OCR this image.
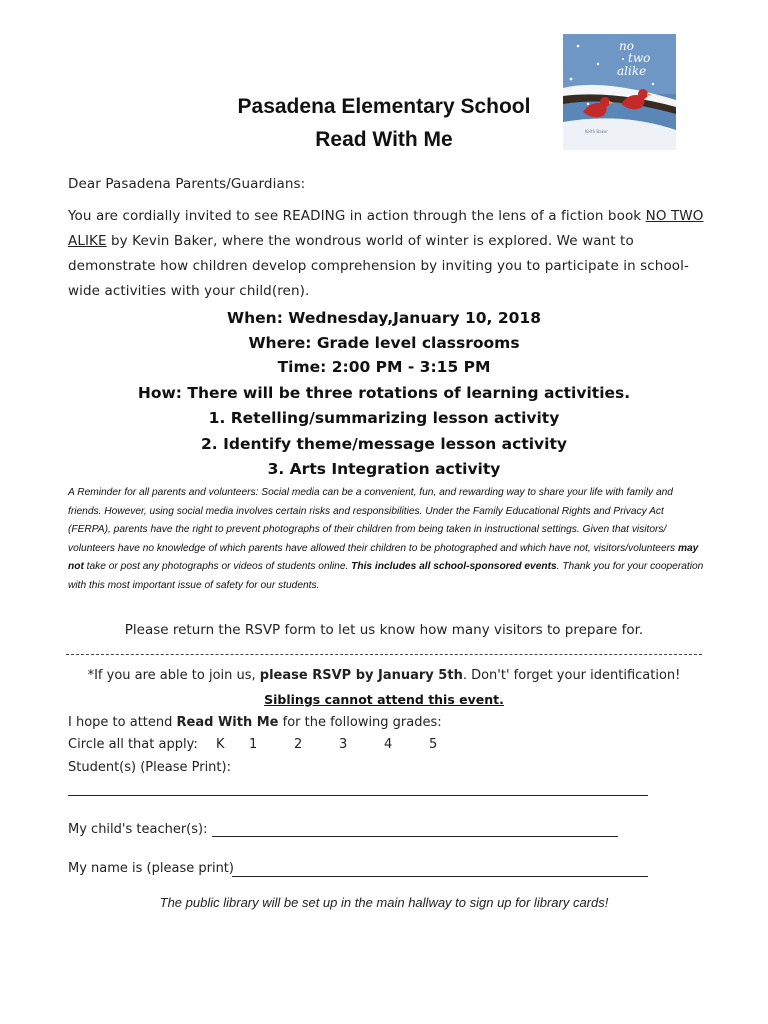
no
two
alike
Keith Baker
Pasadena Elementary School
Read With Me
Dear Pasadena Parents/Guardians:
You are cordially invited to see READING in action through the lens of a fiction book NO TWO ALIKE by Kevin Baker, where the wondrous world of winter is explored. We want to demonstrate how children develop comprehension by inviting you to participate in school-wide activities with your child(ren).
When: Wednesday,January 10, 2018
Where: Grade level classrooms
Time: 2:00 PM - 3:15 PM
How: There will be three rotations of learning activities.
1. Retelling/summarizing lesson activity
2. Identify theme/message lesson activity
3. Arts Integration activity
A Reminder for all parents and volunteers: Social media can be a convenient, fun, and rewarding way to share your life with family and friends. However, using social media involves certain risks and responsibilities. Under the Family Educational Rights and Privacy Act (FERPA), parents have the right to prevent photographs of their children from being taken in instructional settings. Given that visitors/ volunteers have no knowledge of which parents have allowed their children to be photographed and which have not, visitors/volunteers may not take or post any photographs or videos of students online. This includes all school-sponsored events. Thank you for your cooperation with this most important issue of safety for our students.
Please return the RSVP form to let us know how many visitors to prepare for.
*If you are able to join us, please RSVP by January 5th. Don't' forget your identification!
Siblings cannot attend this event.
I hope to attend Read With Me for the following grades:
Circle all that apply: K 1	2	3	4	5
Student(s) (Please Print):
My child's teacher(s):
My name is (please print)
The public library will be set up in the main hallway to sign up for library cards!
